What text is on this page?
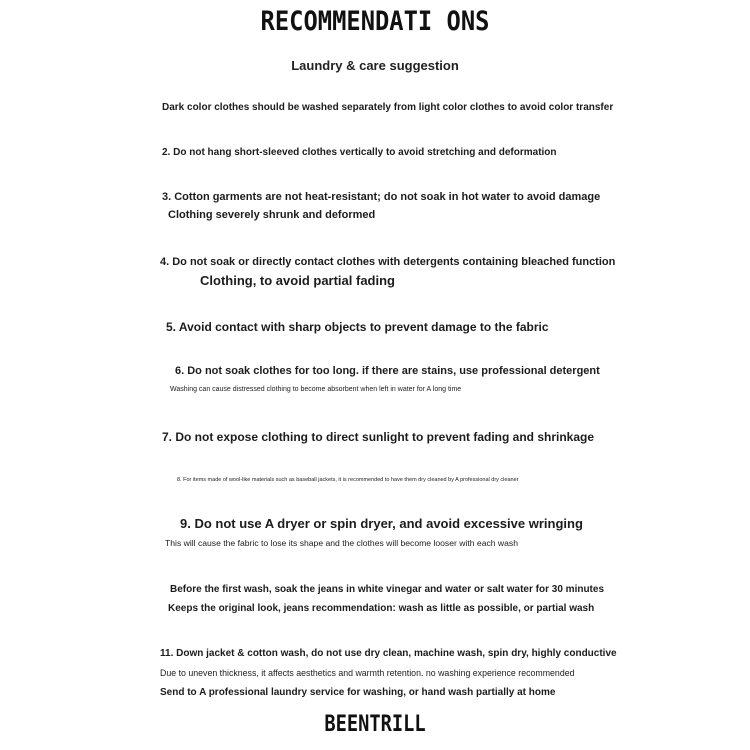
RECOMMENDATI ONS
Laundry & care suggestion
Dark color clothes should be washed separately from light color clothes to avoid color transfer
2. Do not hang short-sleeved clothes vertically to avoid stretching and deformation
3. Cotton garments are not heat-resistant; do not soak in hot water to avoid damage
Clothing severely shrunk and deformed
4. Do not soak or directly contact clothes with detergents containing bleached function
Clothing, to avoid partial fading
5. Avoid contact with sharp objects to prevent damage to the fabric
6. Do not soak clothes for too long. if there are stains, use professional detergent
Washing can cause distressed clothing to become absorbent when left in water for A long time
7. Do not expose clothing to direct sunlight to prevent fading and shrinkage
8. For items made of wool-like materials such as baseball jackets, it is recommended to have them dry cleaned by A professional dry cleaner
9. Do not use A dryer or spin dryer, and avoid excessive wringing
This will cause the fabric to lose its shape and the clothes will become looser with each wash
Before the first wash, soak the jeans in white vinegar and water or salt water for 30 minutes
Keeps the original look, jeans recommendation: wash as little as possible, or partial wash
11. Down jacket & cotton wash, do not use dry clean, machine wash, spin dry, highly conductive
Due to uneven thickness, it affects aesthetics and warmth retention. no washing experience recommended
Send to A professional laundry service for washing, or hand wash partially at home
BEENTRILL
